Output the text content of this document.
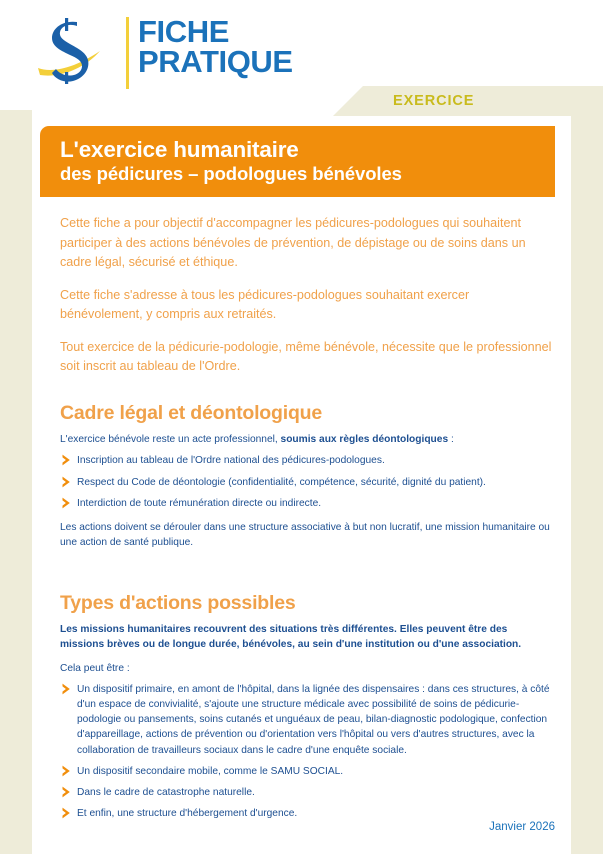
FICHE
PRATIQUE
EXERCICE
L'exercice humanitaire
des pédicures – podologues bénévoles

Cette fiche a pour objectif d'accompagner les pédicures-podologues qui souhaitent participer à des actions bénévoles de prévention, de dépistage ou de soins dans un cadre légal, sécurisé et éthique.

Cette fiche s'adresse à tous les pédicures-podologues souhaitant exercer bénévolement, y compris aux retraités.

Tout exercice de la pédicurie-podologie, même bénévole, nécessite que le professionnel soit inscrit au tableau de l'Ordre.

Cadre légal et déontologique

L'exercice bénévole reste un acte professionnel, soumis aux règles déontologiques :

Inscription au tableau de l'Ordre national des pédicures-podologues.
Respect du Code de déontologie (confidentialité, compétence, sécurité, dignité du patient).
Interdiction de toute rémunération directe ou indirecte.

Les actions doivent se dérouler dans une structure associative à but non lucratif, une mission humanitaire ou une action de santé publique.

Types d'actions possibles

Les missions humanitaires recouvrent des situations très différentes. Elles peuvent être des missions brèves ou de longue durée, bénévoles, au sein d'une institution ou d'une association.

Cela peut être :

Un dispositif primaire, en amont de l'hôpital, dans la lignée des dispensaires : dans ces structures, à côté d'un espace de convivialité, s'ajoute une structure médicale avec possibilité de soins de pédicurie-podologie ou pansements, soins cutanés et unguéaux de peau, bilan-diagnostic podologique, confection d'appareillage, actions de prévention ou d'orientation vers l'hôpital ou vers d'autres structures, avec la collaboration de travailleurs sociaux dans le cadre d'une enquête sociale.
Un dispositif secondaire mobile, comme le SAMU SOCIAL.
Dans le cadre de catastrophe naturelle.
Et enfin, une structure d'hébergement d'urgence.
Janvier 2026
